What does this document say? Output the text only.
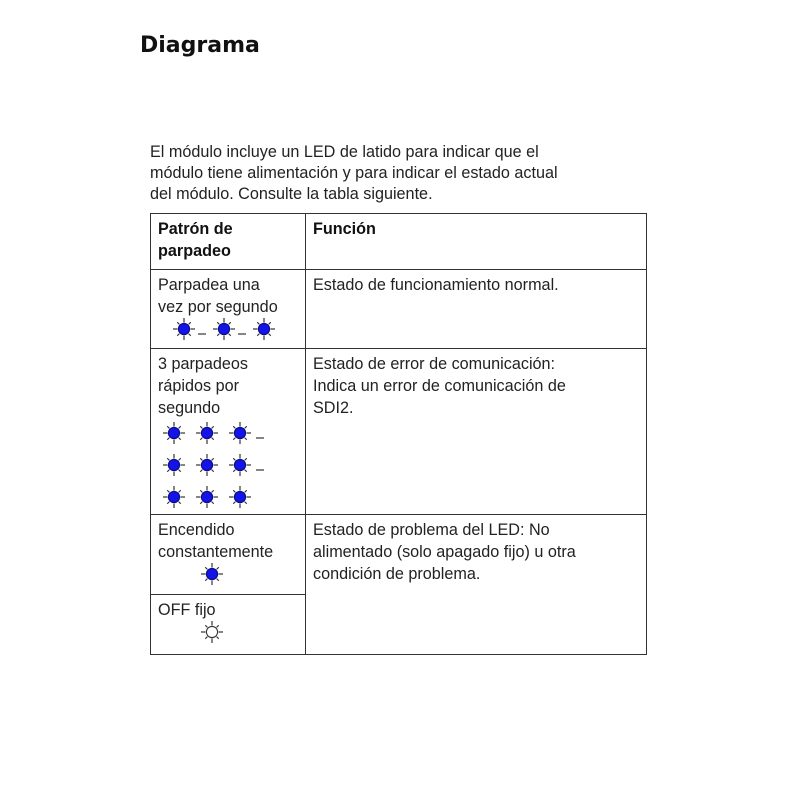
Diagrama
El módulo incluye un LED de latido para indicar que el
módulo tiene alimentación y para indicar el estado actual
del módulo. Consulte la tabla siguiente.
Patrón de
parpadeo	Función

Parpadea una
vez por segundo	Estado de funcionamiento normal.

3 parpadeos
rápidos por
segundo	Estado de error de comunicación:
Indica un error de comunicación de
SDI2.

Encendido
constantemente	Estado de problema del LED: No
alimentado (solo apagado fijo) u otra
condición de problema.

OFF fijo	
